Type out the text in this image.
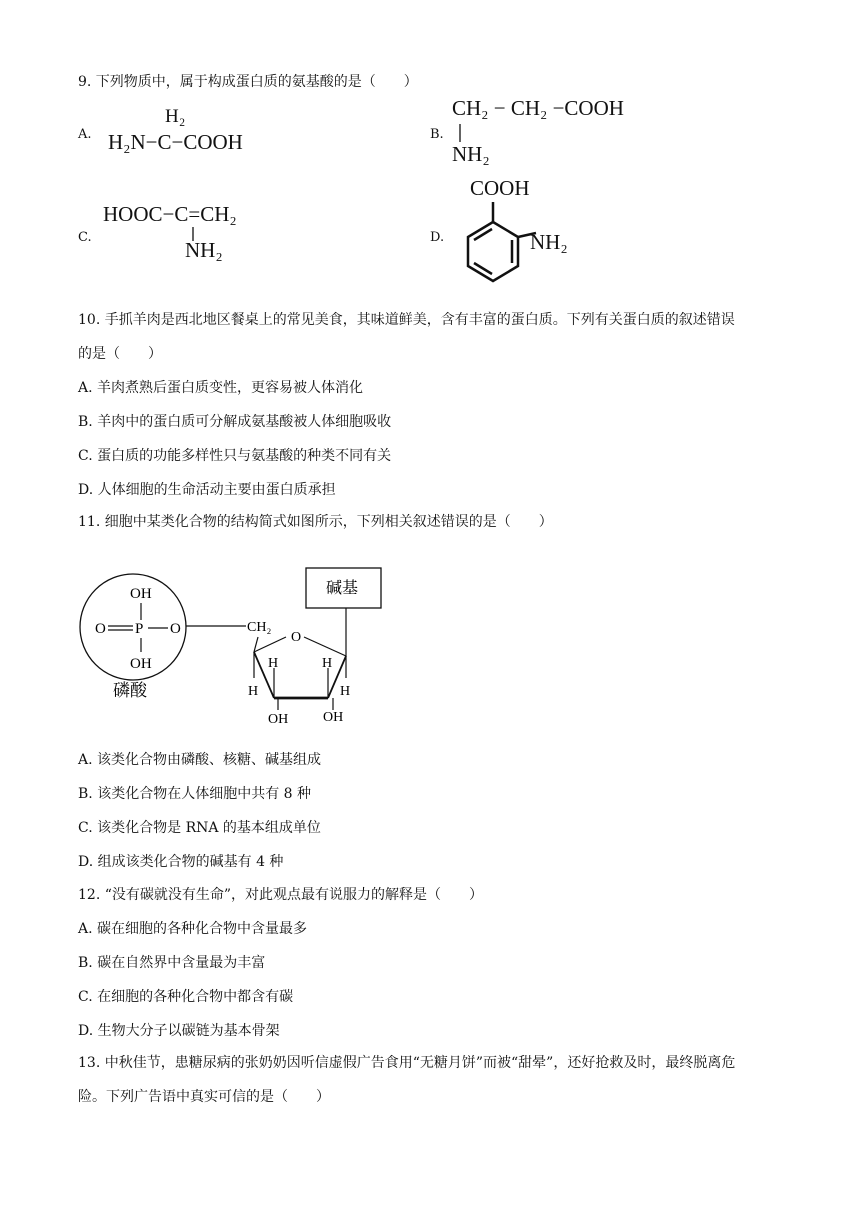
9. 下列物质中，属于构成蛋白质的氨基酸的是（　　）
A.
H₂
H₂N−C−COOH	B.
CH₂ − CH₂ −COOH
NH₂
C.
HOOC−C=CH₂
NH₂
D.
COOH
NH₂
10. 手抓羊肉是西北地区餐桌上的常见美食，其味道鲜美，含有丰富的蛋白质。下列有关蛋白质的叙述错误
的是（　　）
A. 羊肉煮熟后蛋白质变性，更容易被人体消化
B. 羊肉中的蛋白质可分解成氨基酸被人体细胞吸收
C. 蛋白质的功能多样性只与氨基酸的种类不同有关
D. 人体细胞的生命活动主要由蛋白质承担
11. 细胞中某类化合物的结构简式如图所示，下列相关叙述错误的是（　　）
OH
O P O
OH
磷酸
CH₂
碱基
O
H
H	H
H
OH OH
A. 该类化合物由磷酸、核糖、碱基组成
B. 该类化合物在人体细胞中共有 8 种
C. 该类化合物是 RNA 的基本组成单位
D. 组成该类化合物的碱基有 4 种
12. “没有碳就没有生命”，对此观点最有说服力的解释是（　　）
A. 碳在细胞的各种化合物中含量最多
B. 碳在自然界中含量最为丰富
C. 在细胞的各种化合物中都含有碳
D. 生物大分子以碳链为基本骨架
13. 中秋佳节，患糖尿病的张奶奶因听信虚假广告食用“无糖月饼”而被“甜晕”，还好抢救及时，最终脱离危
险。下列广告语中真实可信的是（　　）
